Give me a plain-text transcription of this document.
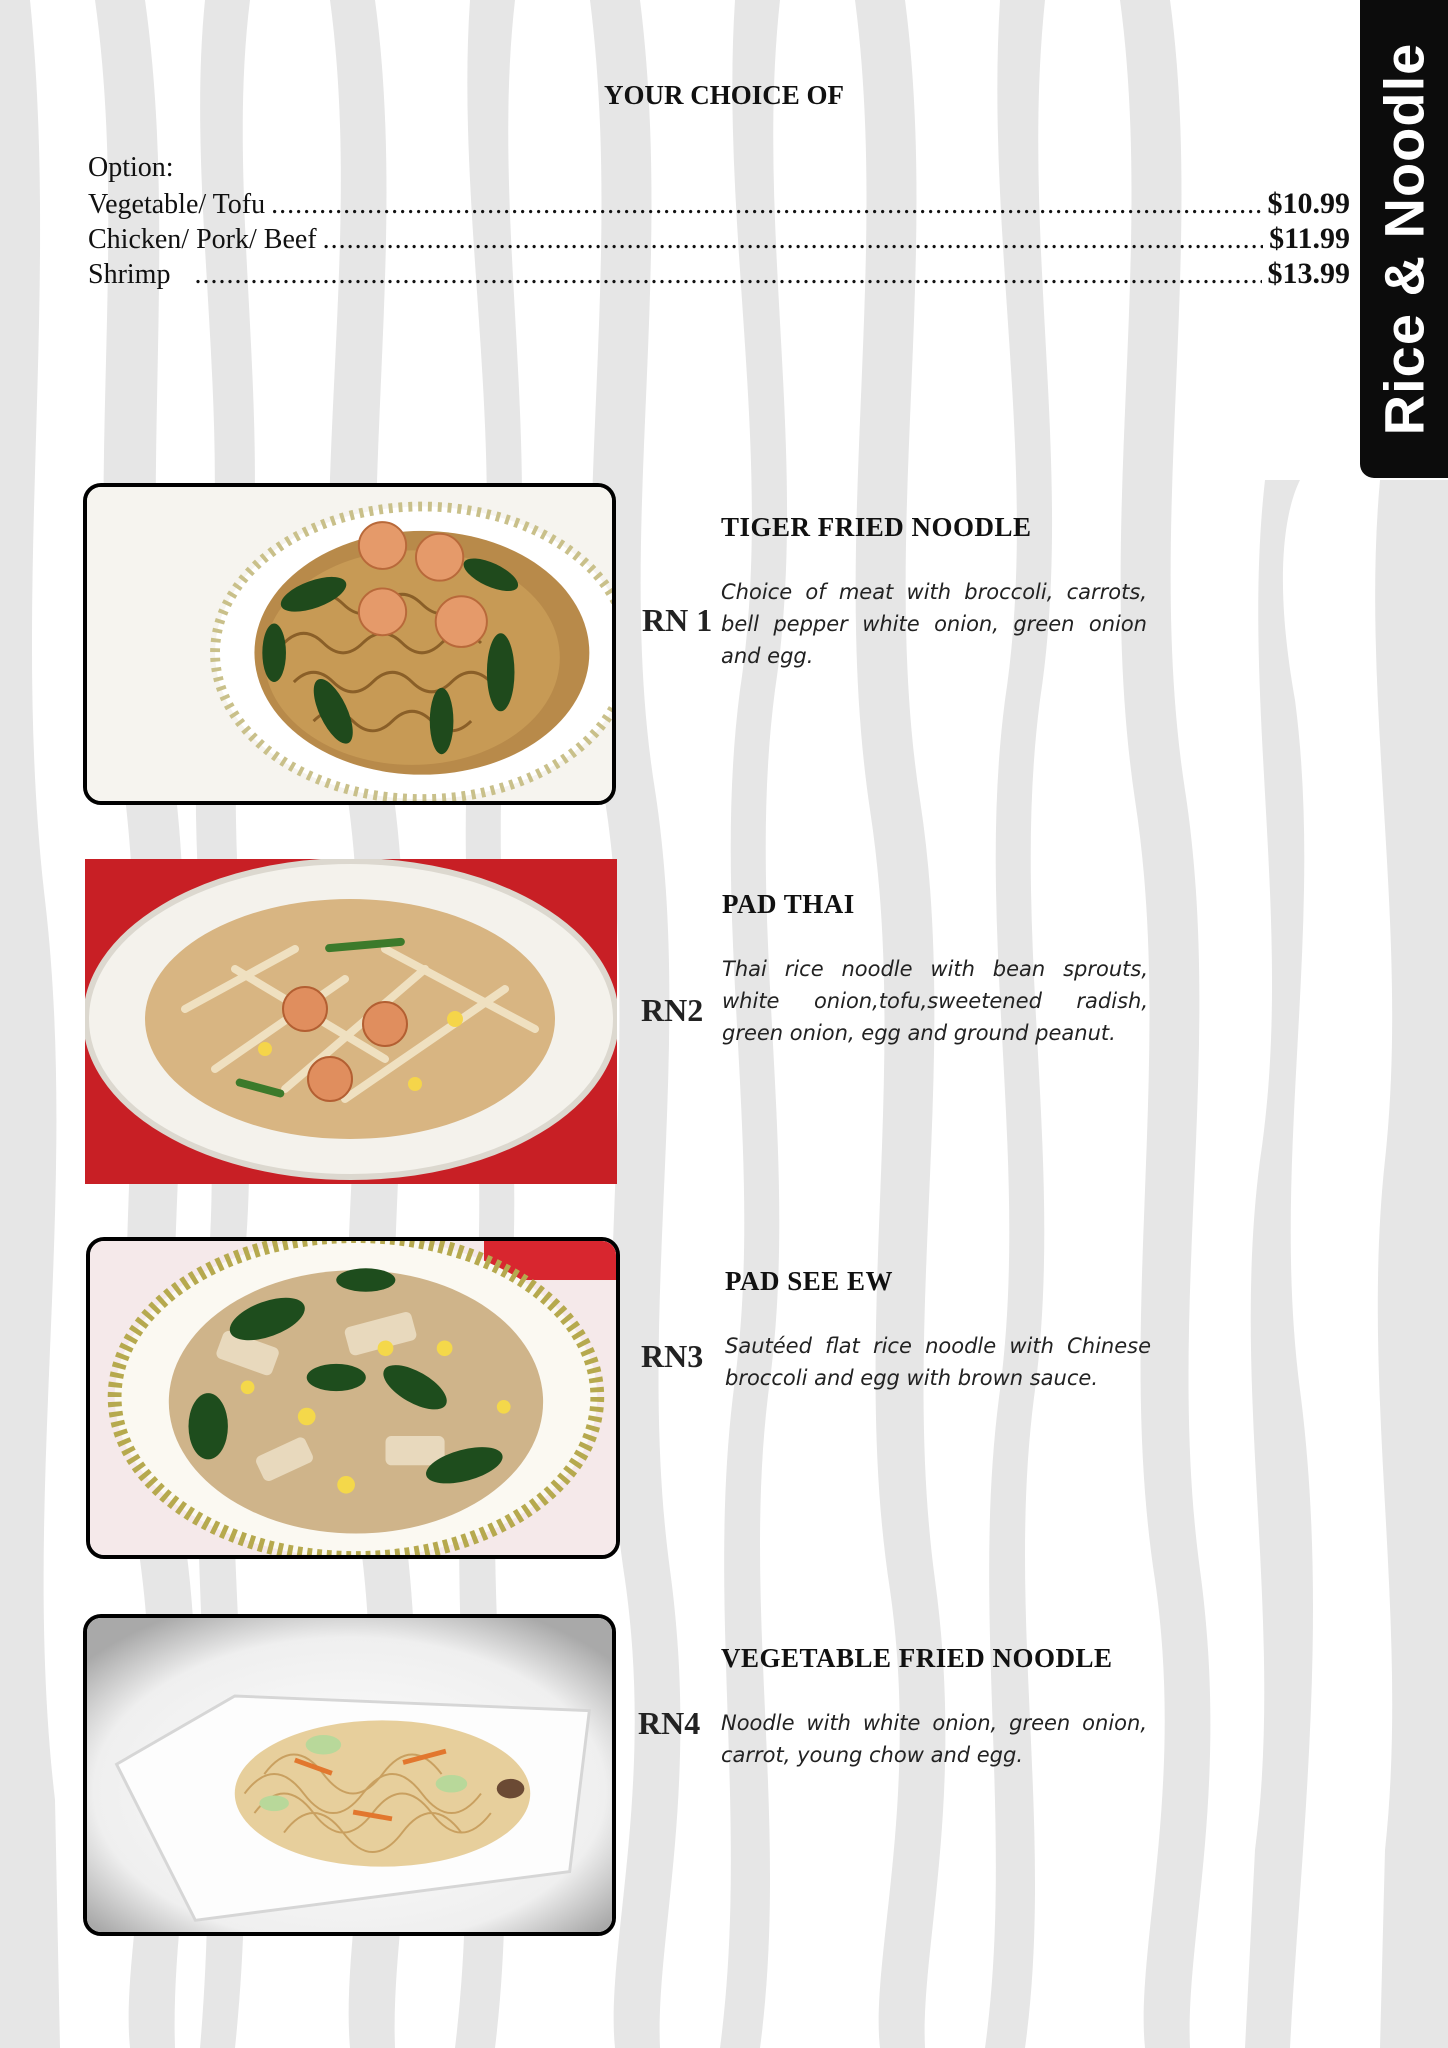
Rice & Noodle
YOUR CHOICE OF
Option:
Vegetable/ Tofu .....	$10.99
Chicken/ Pork/ Beef .....	$11.99
Shrimp .....	$13.99
RN 1
TIGER FRIED NOODLE
Choice of meat with broccoli, carrots, bell pepper white onion, green onion and egg.
RN2
PAD THAI
Thai rice noodle with bean sprouts, white onion,tofu,sweetened radish, green onion, egg and ground peanut.
RN3
PAD SEE EW
Sautéed flat rice noodle with Chinese broccoli and egg with brown sauce.
RN4
VEGETABLE FRIED NOODLE
Noodle with white onion, green onion, carrot, young chow and egg.
